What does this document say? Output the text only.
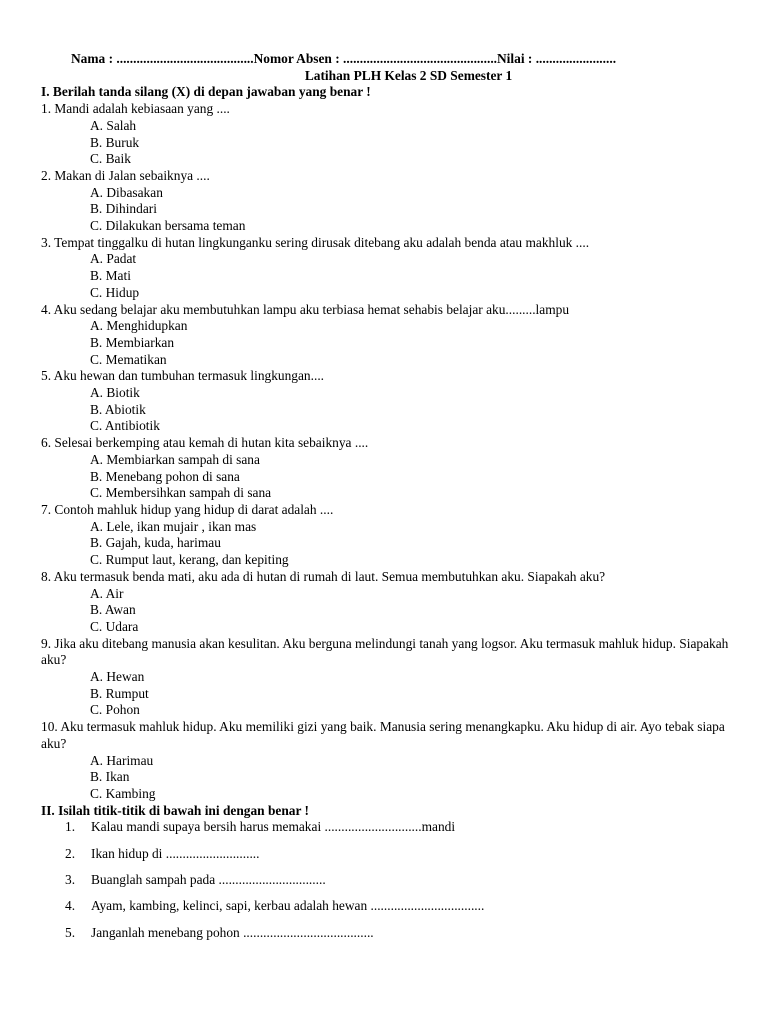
Nama : .........................................Nomor Absen : ..............................................Nilai : ........................
Latihan PLH Kelas 2 SD Semester 1
I. Berilah tanda silang (X) di depan jawaban yang benar !
1. Mandi adalah kebiasaan yang ....
A. Salah
B. Buruk
C. Baik
2. Makan di Jalan sebaiknya ....
A. Dibasakan
B. Dihindari
C. Dilakukan bersama teman
3. Tempat tinggalku di hutan lingkunganku sering dirusak ditebang aku adalah benda atau makhluk ....
A. Padat
B. Mati
C. Hidup
4. Aku sedang belajar aku membutuhkan lampu aku terbiasa hemat sehabis belajar aku.........lampu
A. Menghidupkan
B. Membiarkan
C. Mematikan
5. Aku hewan dan tumbuhan termasuk lingkungan....
A. Biotik
B. Abiotik
C. Antibiotik
6. Selesai berkemping atau kemah di hutan kita sebaiknya ....
A. Membiarkan sampah di sana
B. Menebang pohon di sana
C. Membersihkan sampah di sana
7. Contoh mahluk hidup yang hidup di darat adalah ....
A. Lele, ikan mujair , ikan mas
B. Gajah, kuda, harimau
C. Rumput laut, kerang, dan kepiting
8. Aku termasuk benda mati, aku ada di hutan di rumah di laut. Semua membutuhkan aku. Siapakah aku?
A. Air
B. Awan
C. Udara
9. Jika aku ditebang manusia akan kesulitan. Aku berguna melindungi tanah yang logsor. Aku termasuk mahluk hidup. Siapakah aku?
A. Hewan
B. Rumput
C. Pohon
10. Aku termasuk mahluk hidup. Aku memiliki gizi yang baik. Manusia sering menangkapku. Aku hidup di air. Ayo tebak siapa aku?
A. Harimau
B. Ikan
C. Kambing
II. Isilah titik-titik di bawah ini dengan benar !
1.	Kalau mandi supaya bersih harus memakai .............................mandi
2.	Ikan hidup di ............................
3.	Buanglah sampah pada ................................
4.	Ayam, kambing, kelinci, sapi, kerbau adalah hewan ..................................
5.	Janganlah menebang pohon .......................................
